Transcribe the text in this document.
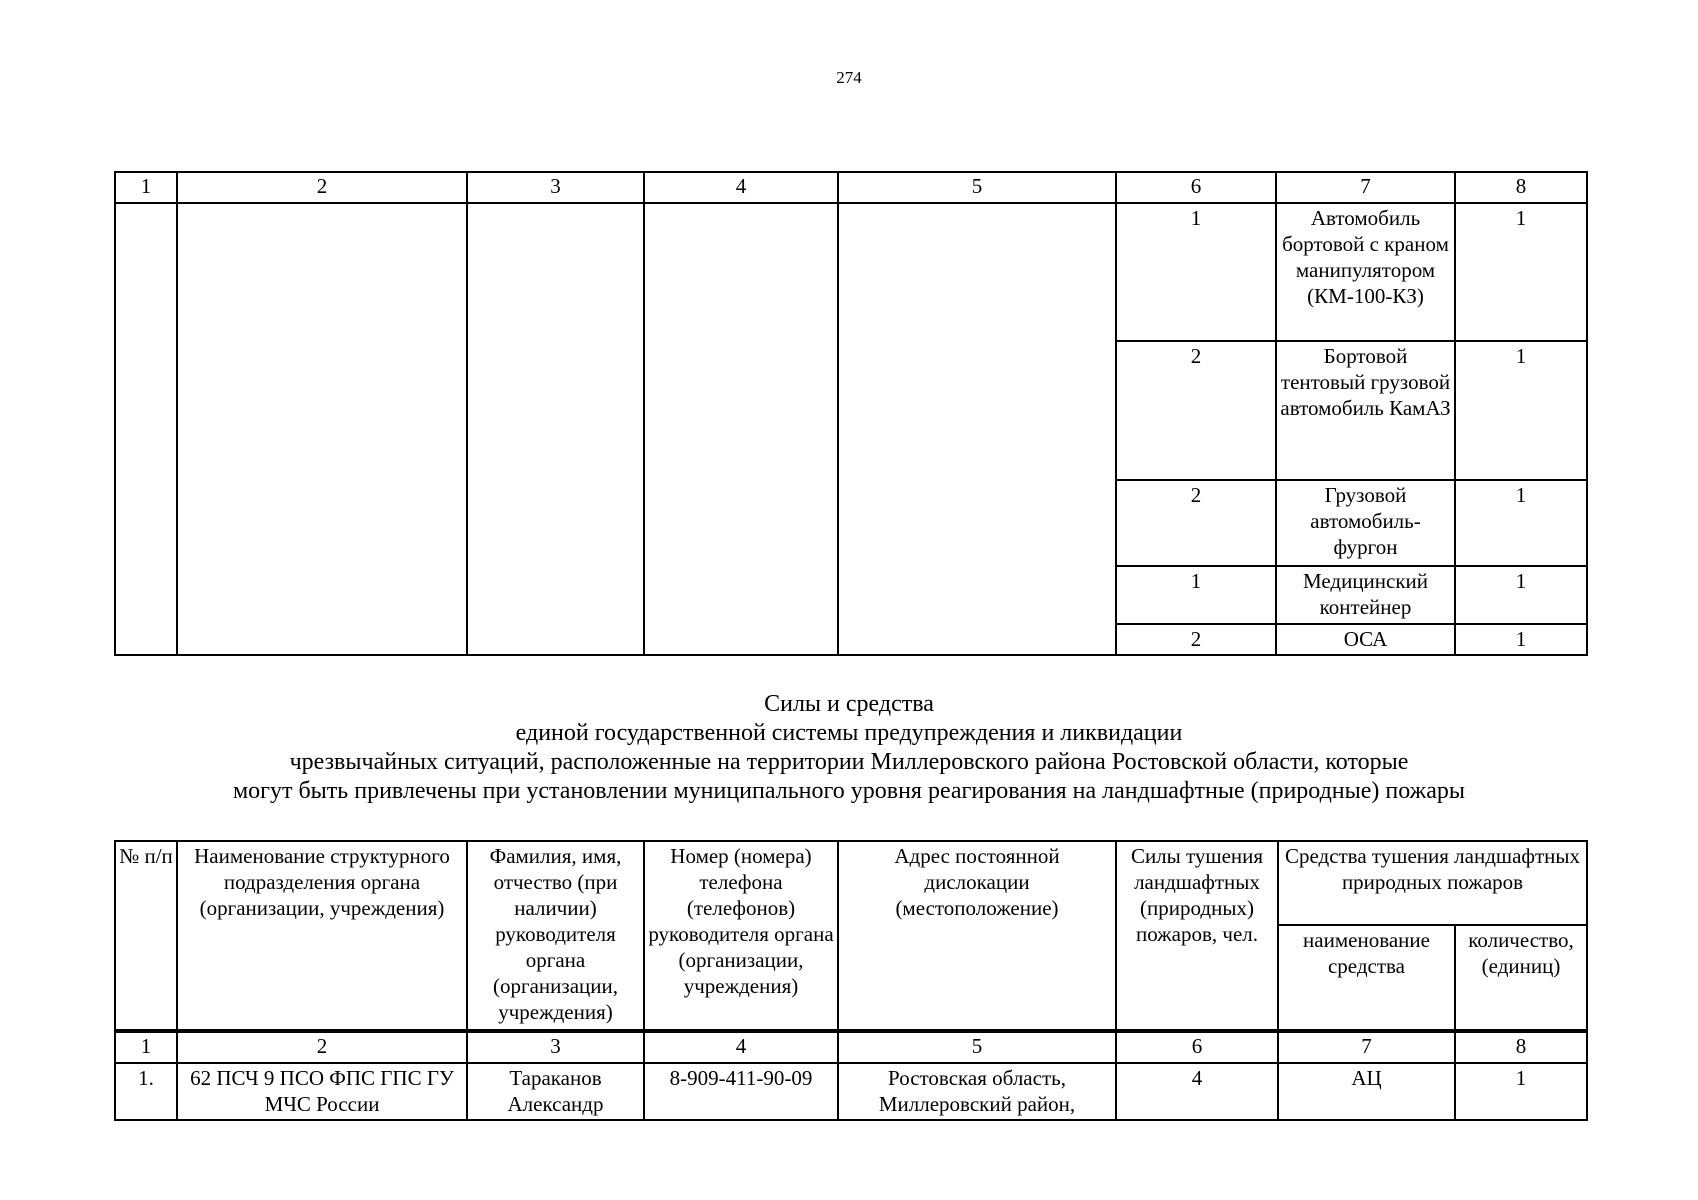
274
1	2	3	4	5	6	7	8
					1	Автомобиль бортовой с краном манипулятором (КМ-100-КЗ)	1
					2	Бортовой тентовый грузовой автомобиль КамАЗ	1
					2	Грузовой автомобиль-фургон	1
					1	Медицинский контейнер	1
					2	ОСА	1
Силы и средства
единой государственной системы предупреждения и ликвидации
чрезвычайных ситуаций, расположенные на территории Миллеровского района Ростовской области, которые
могут быть привлечены при установлении муниципального уровня реагирования на ландшафтные (природные) пожары
№ п/п	Наименование структурного подразделения органа (организации, учреждения)	Фамилия, имя, отчество (при наличии) руководителя органа (организации, учреждения)	Номер (номера) телефона (телефонов) руководителя органа (организации, учреждения)	Адрес постоянной дислокации (местоположение)	Силы тушения ландшафтных (природных) пожаров, чел.	Средства тушения ландшафтных природных пожаров	
						наименование средства	количество, (единиц)
1	2	3	4	5	6	7	8
1.	62 ПСЧ 9 ПСО ФПС ГПС ГУ МЧС России	Тараканов Александр	8-909-411-90-09	Ростовская область, Миллеровский район,	4	АЦ	1
